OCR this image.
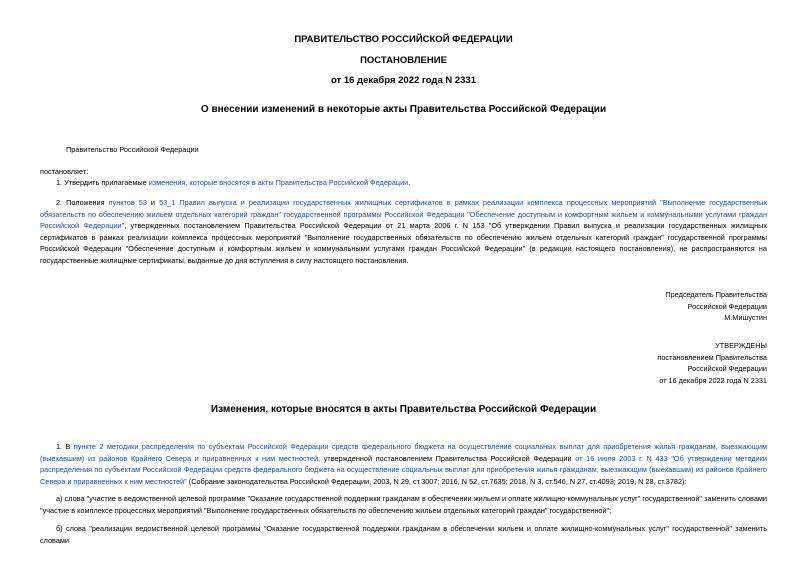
ПРАВИТЕЛЬСТВО РОССИЙСКОЙ ФЕДЕРАЦИИ
ПОСТАНОВЛЕНИЕ
от 16 декабря 2022 года N 2331
О внесении изменений в некоторые акты Правительства Российской Федерации
Правительство Российской Федерации
постановляет:
1. Утвердить прилагаемые изменения, которые вносятся в акты Правительства Российской Федерации.
2. Положения пунктов 53 и 53_1 Правил выпуска и реализации государственных жилищных сертификатов в рамках реализации комплекса процессных мероприятий "Выполнение государственных обязательств по обеспечению жильем отдельных категорий граждан" государственной программы Российской Федерации "Обеспечение доступным и комфортным жильем и коммунальными услугами граждан Российской Федерации", утвержденных постановлением Правительства Российской Федерации от 21 марта 2006 г. N 153 "Об утверждении Правил выпуска и реализации государственных жилищных сертификатов в рамках реализации комплекса процессных мероприятий "Выполнение государственных обязательств по обеспечению жильем отдельных категорий граждан" государственной программы Российской Федерации "Обеспечение доступным и комфортным жильем и коммунальными услугами граждан Российской Федерации" (в редакции настоящего постановления), не распространяются на государственные жилищные сертификаты, выданные до дня вступления в силу настоящего постановления.
Председатель Правительства
Российской Федерации
М.Мишустин
УТВЕРЖДЕНЫ
постановлением Правительства
Российской Федерации
от 16 декабря 2022 года N 2331
Изменения, которые вносятся в акты Правительства Российской Федерации
1. В пункте 2 методики распределения по субъектам Российской Федерации средств федерального бюджета на осуществление социальных выплат для приобретения жилья гражданам, выезжающим (выехавшим) из районов Крайнего Севера и приравненных к ним местностей, утвержденной постановлением Правительства Российской Федерации от 16 июля 2003 г. N 433 "Об утверждении методики распределения по субъектам Российской Федерации средств федерального бюджета на осуществление социальных выплат для приобретения жилья гражданам, выезжающим (выехавшим) из районов Крайнего Севера и приравненных к ним местностей" (Собрание законодательства Российской Федерации, 2003, N 29, ст.3007; 2016, N 52, ст.7635; 2018, N 3, ст.546, N 27, ст.4093; 2019, N 28, ст.3782):
а) слова "участие в ведомственной целевой программе "Оказание государственной поддержки гражданам в обеспечении жильем и оплате жилищно-коммунальных услуг" государственной" заменить словами "участие в комплексе процессных мероприятий "Выполнение государственных обязательств по обеспечению жильем отдельных категорий граждан" государственной";
б) слова "реализации ведомственной целевой программы "Оказание государственной поддержки гражданам в обеспечении жильем и оплате жилищно-коммунальных услуг" государственной" заменить словами
